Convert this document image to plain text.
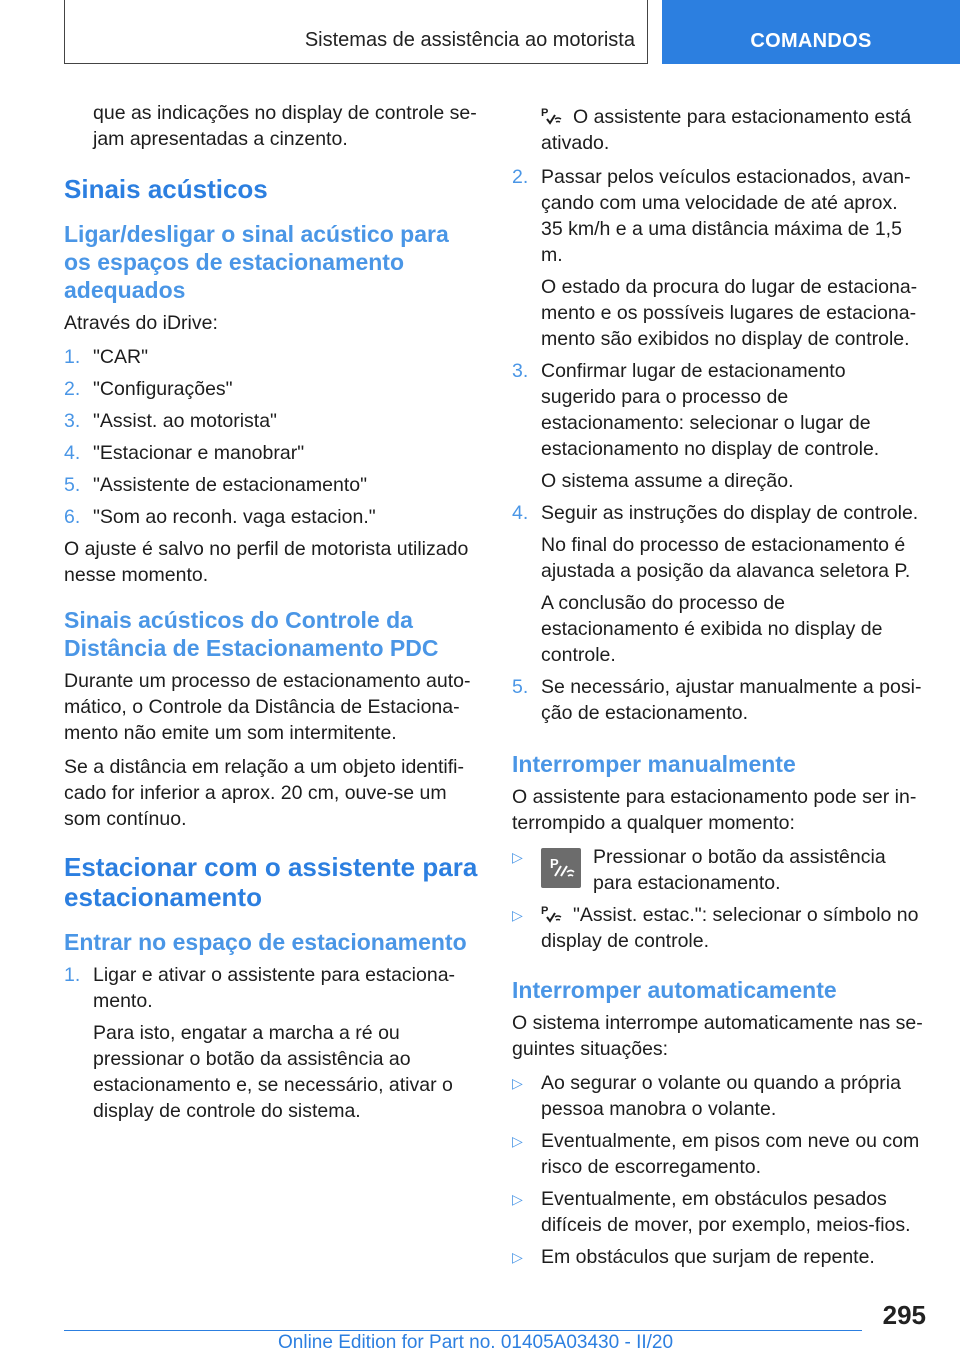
Sistemas de assistência ao motorista	COMANDOS

que as indicações no display de controle sejam apresentadas a cinzento.

Sinais acústicos
Ligar/desligar o sinal acústico para os espaços de estacionamento adequados

Através do iDrive:

1. "CAR"
2. "Configurações"
3. "Assist. ao motorista"
4. "Estacionar e manobrar"
5. "Assistente de estacionamento"
6. "Som ao reconh. vaga estacion."

O ajuste é salvo no perfil de motorista utilizado nesse momento.

Sinais acústicos do Controle da Distância de Estacionamento PDC

Durante um processo de estacionamento automático, o Controle da Distância de Estacionamento não emite um som intermitente.

Se a distância em relação a um objeto identificado for inferior a aprox. 20 cm, ouve-se um som contínuo.

Estacionar com o assistente para estacionamento
Entrar no espaço de estacionamento
1. Ligar e ativar o assistente para estacionamento.

Para isto, engatar a marcha a ré ou pressionar o botão da assistência ao estacionamento e, se necessário, ativar o display de controle do sistema.

P O assistente para estacionamento está ativado.

2. Passar pelos veículos estacionados, avançando com uma velocidade de até aprox. 35 km/h e a uma distância máxima de 1,5 m.

O estado da procura do lugar de estacionamento e os possíveis lugares de estacionamento são exibidos no display de controle.

3. Confirmar lugar de estacionamento sugerido para o processo de estacionamento: selecionar o lugar de estacionamento no display de controle.

O sistema assume a direção.

4. Seguir as instruções do display de controle.

No final do processo de estacionamento é ajustada a posição da alavanca seletora P.

A conclusão do processo de estacionamento é exibida no display de controle.

5. Se necessário, ajustar manualmente a posição de estacionamento.
Interromper manualmente

O assistente para estacionamento pode ser interrompido a qualquer momento:

▷	P Pressionar o botão da assistência para estacionamento.
▷	P "Assist. estac.": selecionar o símbolo no display de controle.
Interromper automaticamente

O sistema interrompe automaticamente nas seguintes situações:

▷ Ao segurar o volante ou quando a própria pessoa manobra o volante.
▷ Eventualmente, em pisos com neve ou com risco de escorregamento.
▷ Eventualmente, em obstáculos pesados difíceis de mover, por exemplo, meios-fios.
▷ Em obstáculos que surjam de repente.
295
Online Edition for Part no. 01405A03430 - II/20
